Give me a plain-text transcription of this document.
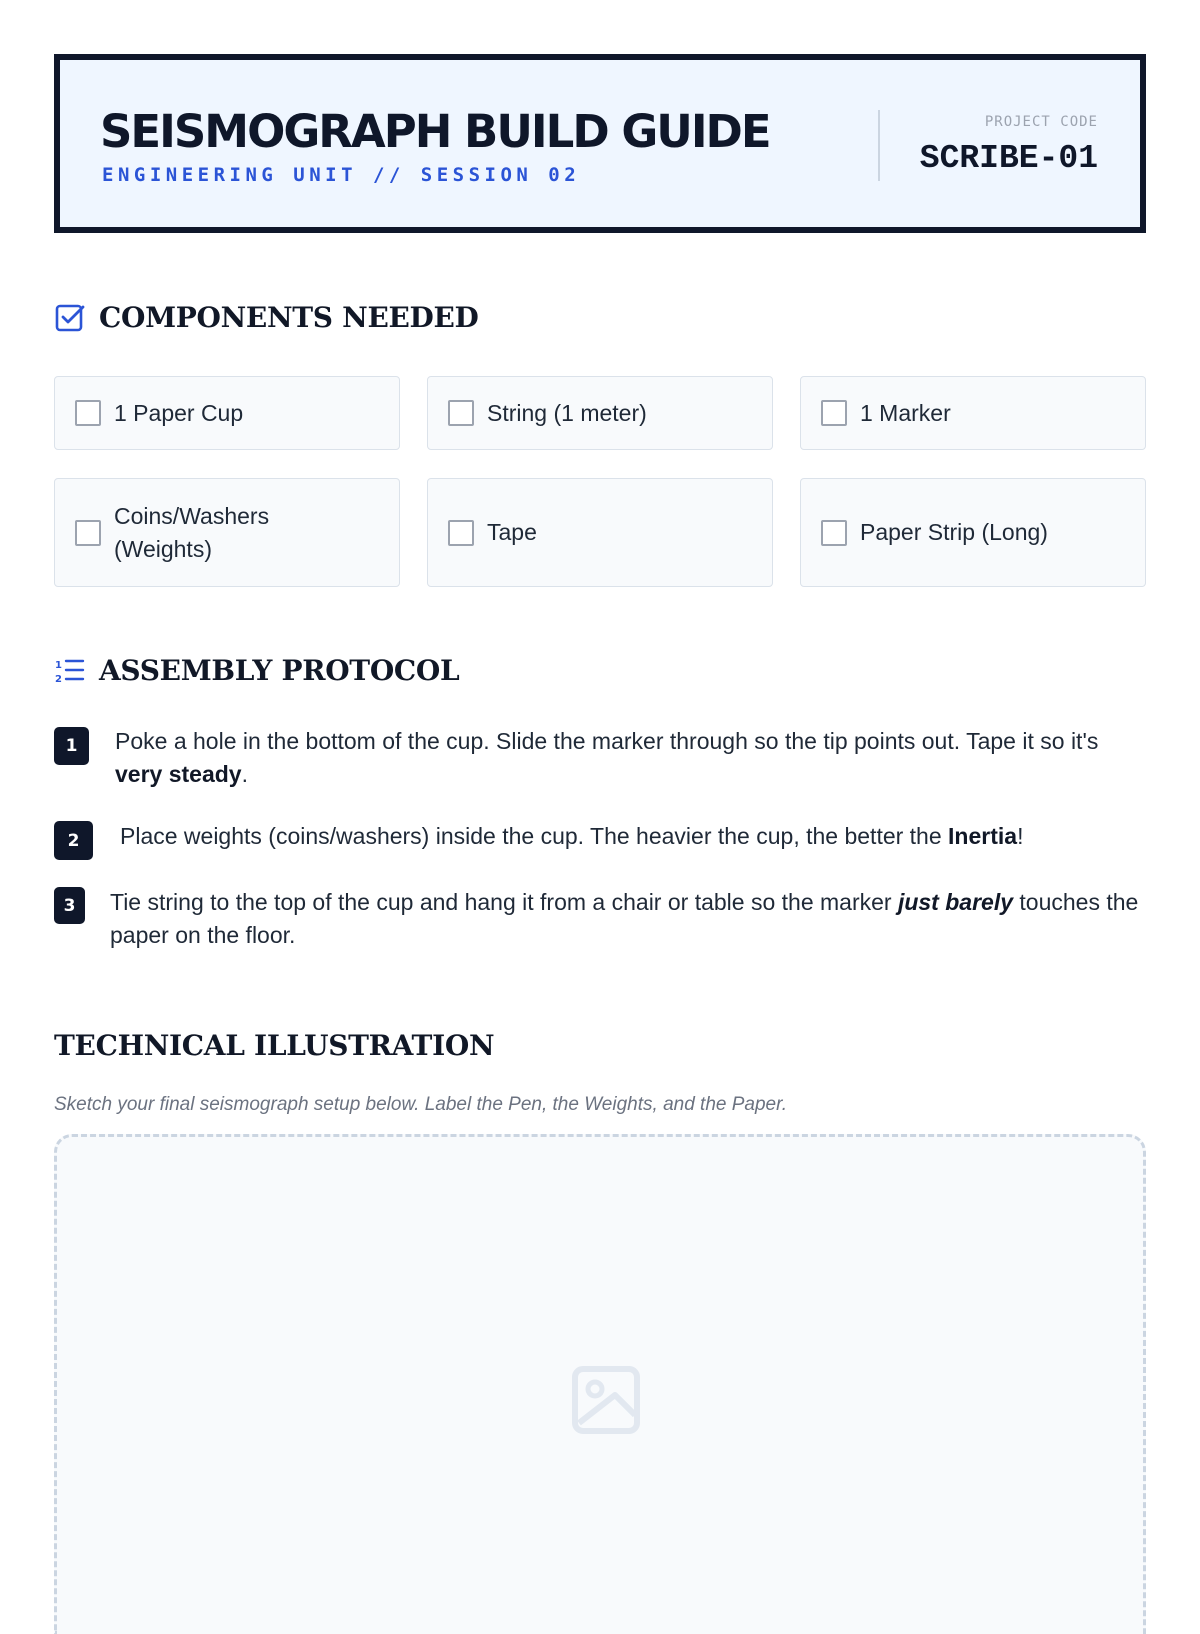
SEISMOGRAPH BUILD GUIDE
ENGINEERING UNIT // SESSION 02
PROJECT CODE
SCRIBE-01
COMPONENTS NEEDED
1 Paper Cup	String (1 meter)	1 Marker
Coins/Washers (Weights)
Tape	Paper Strip (Long)
1
2 ASSEMBLY PROTOCOL
1	Poke a hole in the bottom of the cup. Slide the marker through so the tip points out. Tape it so it's very steady.
2	Place weights (coins/washers) inside the cup. The heavier the cup, the better the Inertia!
3	Tie string to the top of the cup and hang it from a chair or table so the marker just barely touches the paper on the floor.
TECHNICAL ILLUSTRATION
Sketch your final seismograph setup below. Label the Pen, the Weights, and the Paper.
